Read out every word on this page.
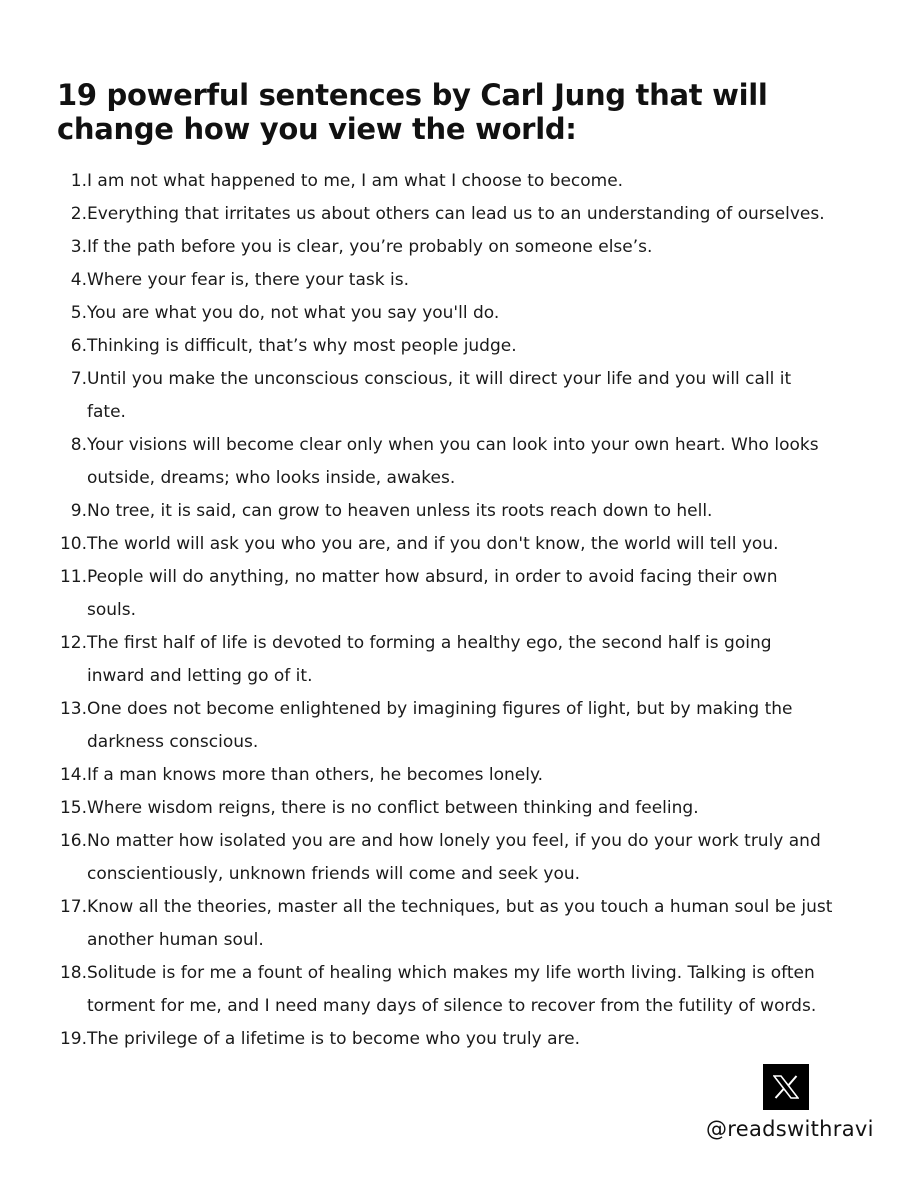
19 powerful sentences by Carl Jung that will
change how you view the world:
1. I am not what happened to me, I am what I choose to become.
2. Everything that irritates us about others can lead us to an understanding of ourselves.
3. If the path before you is clear, you’re probably on someone else’s.
4. Where your fear is, there your task is.
5. You are what you do, not what you say you'll do.
6. Thinking is difficult, that’s why most people judge.
7. Until you make the unconscious conscious, it will direct your life and you will call it
fate.
8. Your visions will become clear only when you can look into your own heart. Who looks
outside, dreams; who looks inside, awakes.
9. No tree, it is said, can grow to heaven unless its roots reach down to hell.
10. The world will ask you who you are, and if you don't know, the world will tell you.
11. People will do anything, no matter how absurd, in order to avoid facing their own
souls.
12. The first half of life is devoted to forming a healthy ego, the second half is going
inward and letting go of it.
13. One does not become enlightened by imagining figures of light, but by making the
darkness conscious.
14. If a man knows more than others, he becomes lonely.
15. Where wisdom reigns, there is no conflict between thinking and feeling.
16. No matter how isolated you are and how lonely you feel, if you do your work truly and
conscientiously, unknown friends will come and seek you.
17. Know all the theories, master all the techniques, but as you touch a human soul be just
another human soul.
18. Solitude is for me a fount of healing which makes my life worth living. Talking is often
torment for me, and I need many days of silence to recover from the futility of words.
19. The privilege of a lifetime is to become who you truly are.
@readswithravi
